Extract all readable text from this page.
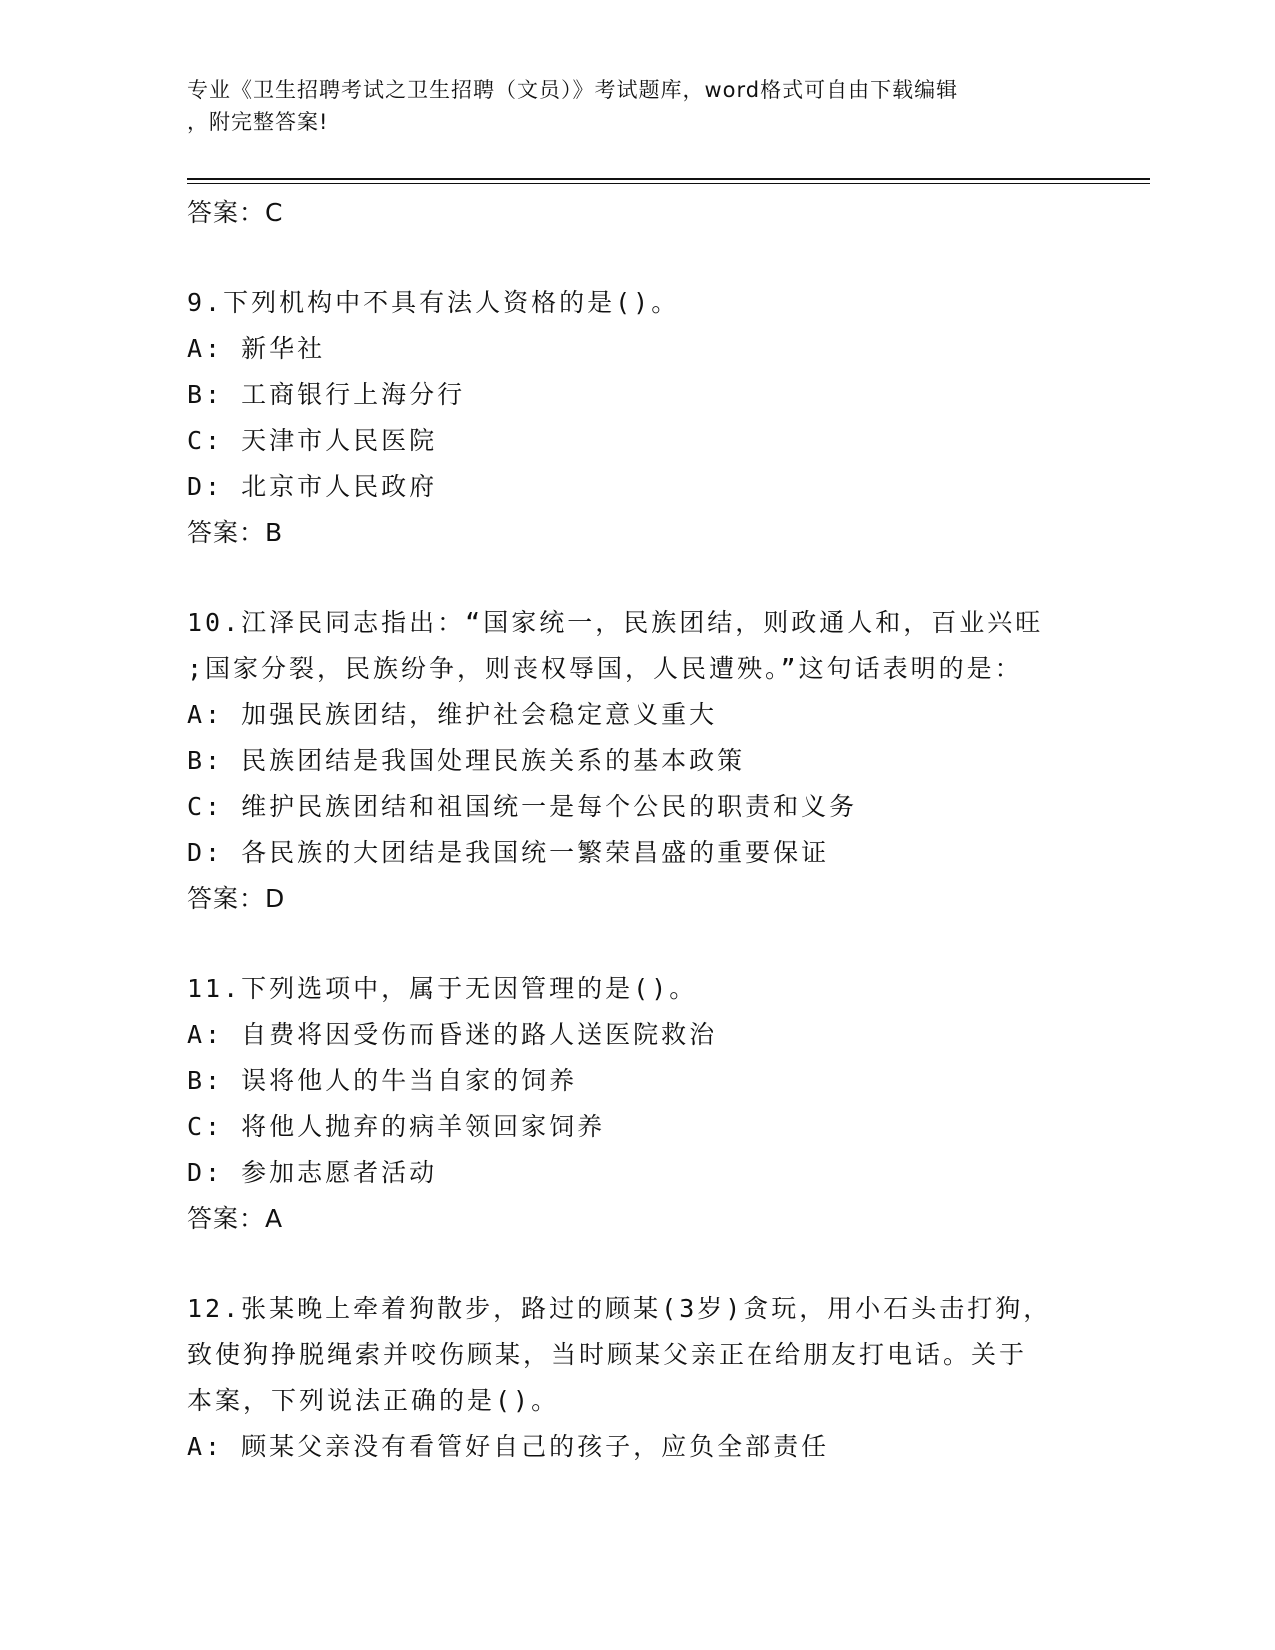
专业《卫生招聘考试之卫生招聘（文员）》考试题库，word格式可自由下载编辑
，附完整答案!
答案：C
9.下列机构中不具有法人资格的是()。
A: 新华社
B: 工商银行上海分行
C: 天津市人民医院
D: 北京市人民政府
答案：B
10.江泽民同志指出：“国家统一，民族团结，则政通人和，百业兴旺
;国家分裂，民族纷争，则丧权辱国，人民遭殃。”这句话表明的是：
A: 加强民族团结，维护社会稳定意义重大
B: 民族团结是我国处理民族关系的基本政策
C: 维护民族团结和祖国统一是每个公民的职责和义务
D: 各民族的大团结是我国统一繁荣昌盛的重要保证
答案：D
11.下列选项中，属于无因管理的是()。
A: 自费将因受伤而昏迷的路人送医院救治
B: 误将他人的牛当自家的饲养
C: 将他人抛弃的病羊领回家饲养
D: 参加志愿者活动
答案：A
12.张某晚上牵着狗散步，路过的顾某(3岁)贪玩，用小石头击打狗，
致使狗挣脱绳索并咬伤顾某，当时顾某父亲正在给朋友打电话。关于
本案，下列说法正确的是()。
A: 顾某父亲没有看管好自己的孩子，应负全部责任
